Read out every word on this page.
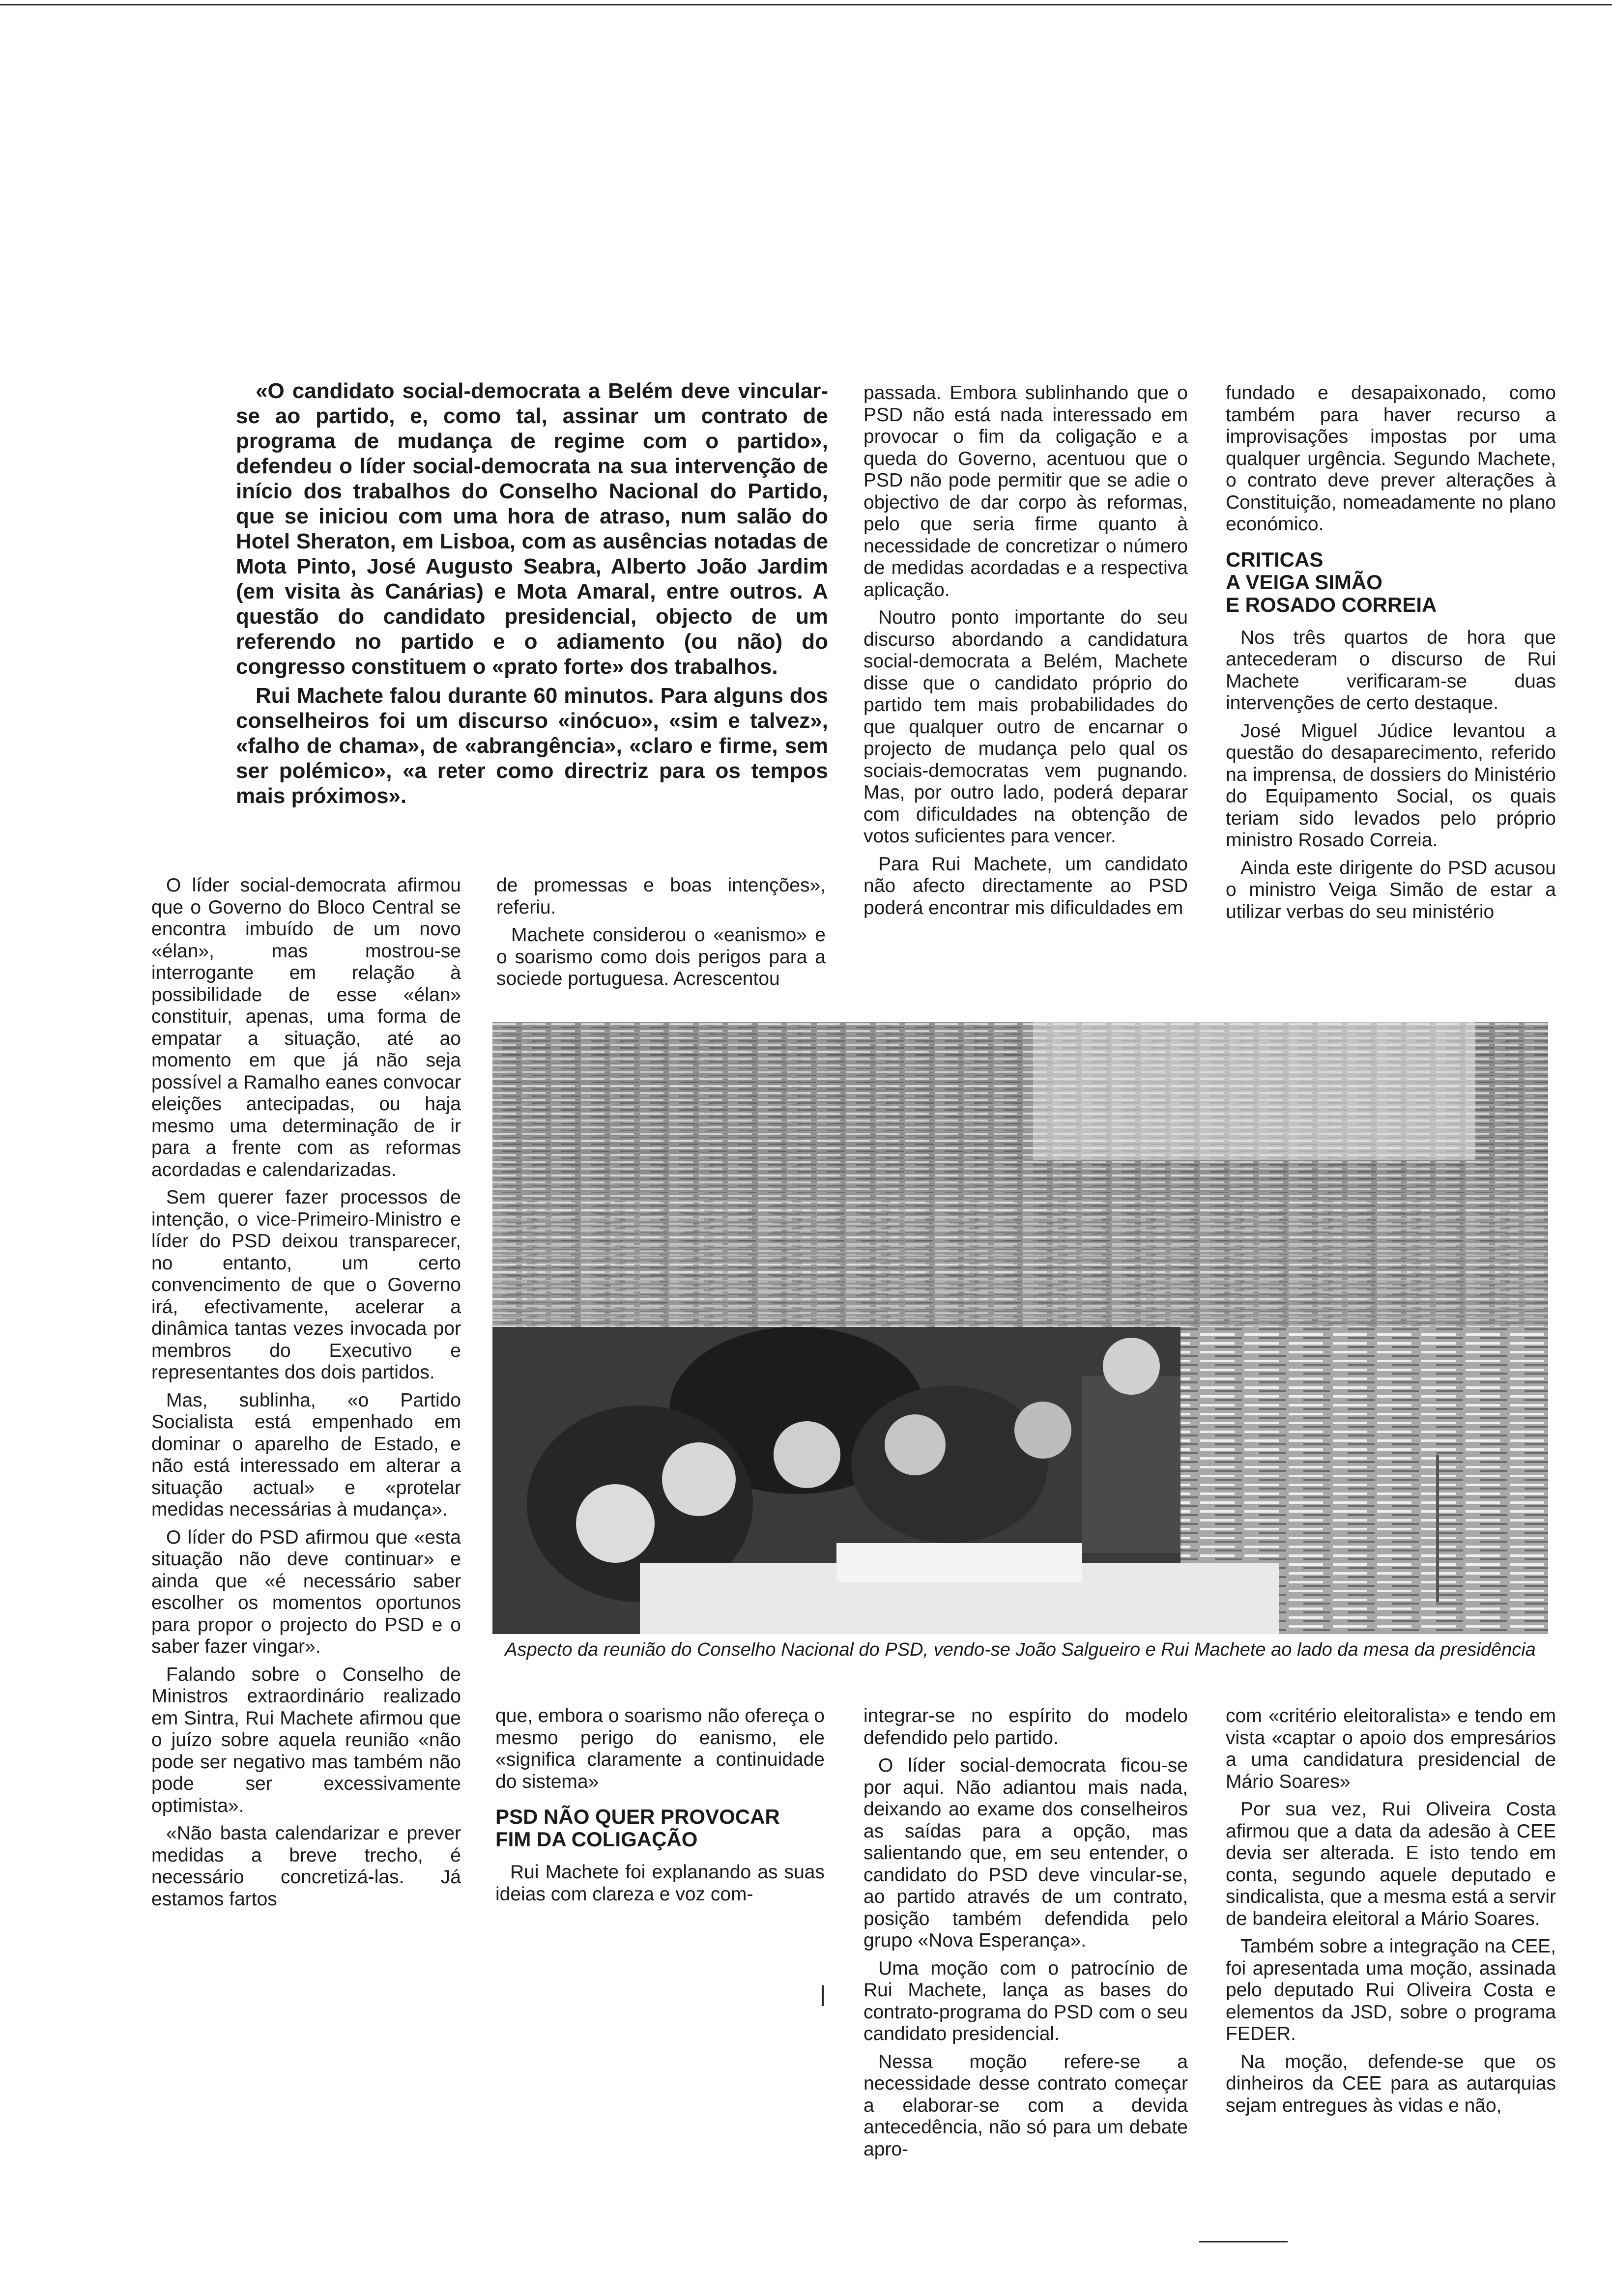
«O candidato social-democrata a Belém deve vincular-se ao partido, e, como tal, assinar um contrato de programa de mudança de regime com o partido», defendeu o líder social-democrata na sua intervenção de início dos trabalhos do Conselho Nacional do Partido, que se iniciou com uma hora de atraso, num salão do Hotel Sheraton, em Lisboa, com as ausências notadas de Mota Pinto, José Augusto Seabra, Alberto João Jardim (em visita às Canárias) e Mota Amaral, entre outros. A questão do candidato presidencial, objecto de um referendo no partido e o adiamento (ou não) do congresso constituem o «prato forte» dos trabalhos.

Rui Machete falou durante 60 minutos. Para alguns dos conselheiros foi um discurso «inócuo», «sim e talvez», «falho de chama», de «abrangência», «claro e firme, sem ser polémico», «a reter como directriz para os tempos mais próximos».

passada. Embora sublinhando que o PSD não está nada interessado em provocar o fim da coligação e a queda do Governo, acentuou que o PSD não pode permitir que se adie o objectivo de dar corpo às reformas, pelo que seria firme quanto à necessidade de concretizar o número de medidas acordadas e a respectiva aplicação.

Noutro ponto importante do seu discurso abordando a candidatura social-democrata a Belém, Machete disse que o candidato próprio do partido tem mais probabilidades do que qualquer outro de encarnar o projecto de mudança pelo qual os sociais-democratas vem pugnando. Mas, por outro lado, poderá deparar com dificuldades na obtenção de votos suficientes para vencer.

Para Rui Machete, um candidato não afecto directamente ao PSD poderá encontrar mis dificuldades em

fundado e desapaixonado, como também para haver recurso a improvisações impostas por uma qualquer urgência. Segundo Machete, o contrato deve prever alterações à Constituição, nomeadamente no plano económico.

CRITICAS
A VEIGA SIMÃO
E ROSADO CORREIA

Nos três quartos de hora que antecederam o discurso de Rui Machete verificaram-se duas intervenções de certo destaque.

José Miguel Júdice levantou a questão do desaparecimento, referido na imprensa, de dossiers do Ministério do Equipamento Social, os quais teriam sido levados pelo próprio ministro Rosado Correia.

Ainda este dirigente do PSD acusou o ministro Veiga Simão de estar a utilizar verbas do seu ministério

O líder social-democrata afirmou que o Governo do Bloco Central se encontra imbuído de um novo «élan», mas mostrou-se interrogante em relação à possibilidade de esse «élan» constituir, apenas, uma forma de empatar a situação, até ao momento em que já não seja possível a Ramalho eanes convocar eleições antecipadas, ou haja mesmo uma determinação de ir para a frente com as reformas acordadas e calendarizadas.

Sem querer fazer processos de intenção, o vice-Primeiro-Ministro e líder do PSD deixou transparecer, no entanto, um certo convencimento de que o Governo irá, efectivamente, acelerar a dinâmica tantas vezes invocada por membros do Executivo e representantes dos dois partidos.

Mas, sublinha, «o Partido Socialista está empenhado em dominar o aparelho de Estado, e não está interessado em alterar a situação actual» e «protelar medidas necessárias à mudança».

O líder do PSD afirmou que «esta situação não deve continuar» e ainda que «é necessário saber escolher os momentos oportunos para propor o projecto do PSD e o saber fazer vingar».

Falando sobre o Conselho de Ministros extraordinário realizado em Sintra, Rui Machete afirmou que o juízo sobre aquela reunião «não pode ser negativo mas também não pode ser excessivamente optimista».

«Não basta calendarizar e prever medidas a breve trecho, é necessário concretizá-las. Já estamos fartos

de promessas e boas intenções», referiu.

Machete considerou o «eanismo» e o soarismo como dois perigos para a sociede portuguesa. Acrescentou

Aspecto da reunião do Conselho Nacional do PSD, vendo-se João Salgueiro e Rui Machete ao lado da mesa da presidência

que, embora o soarismo não ofereça o mesmo perigo do eanismo, ele «significa claramente a continuidade do sistema»

PSD NÃO QUER PROVOCAR
FIM DA COLIGAÇÃO

Rui Machete foi explanando as suas ideias com clareza e voz com-

integrar-se no espírito do modelo defendido pelo partido.

O líder social-democrata ficou-se por aqui. Não adiantou mais nada, deixando ao exame dos conselheiros as saídas para a opção, mas salientando que, em seu entender, o candidato do PSD deve vincular-se, ao partido através de um contrato, posição também defendida pelo grupo «Nova Esperança».

Uma moção com o patrocínio de Rui Machete, lança as bases do contrato-programa do PSD com o seu candidato presidencial.

Nessa moção refere-se a necessidade desse contrato começar a elaborar-se com a devida antecedência, não só para um debate apro-

com «critério eleitoralista» e tendo em vista «captar o apoio dos empresários a uma candidatura presidencial de Mário Soares»

Por sua vez, Rui Oliveira Costa afirmou que a data da adesão à CEE devia ser alterada. E isto tendo em conta, segundo aquele deputado e sindicalista, que a mesma está a servir de bandeira eleitoral a Mário Soares.

Também sobre a integração na CEE, foi apresentada uma moção, assinada pelo deputado Rui Oliveira Costa e elementos da JSD, sobre o programa FEDER.

Na moção, defende-se que os dinheiros da CEE para as autarquias sejam entregues às vidas e não,
